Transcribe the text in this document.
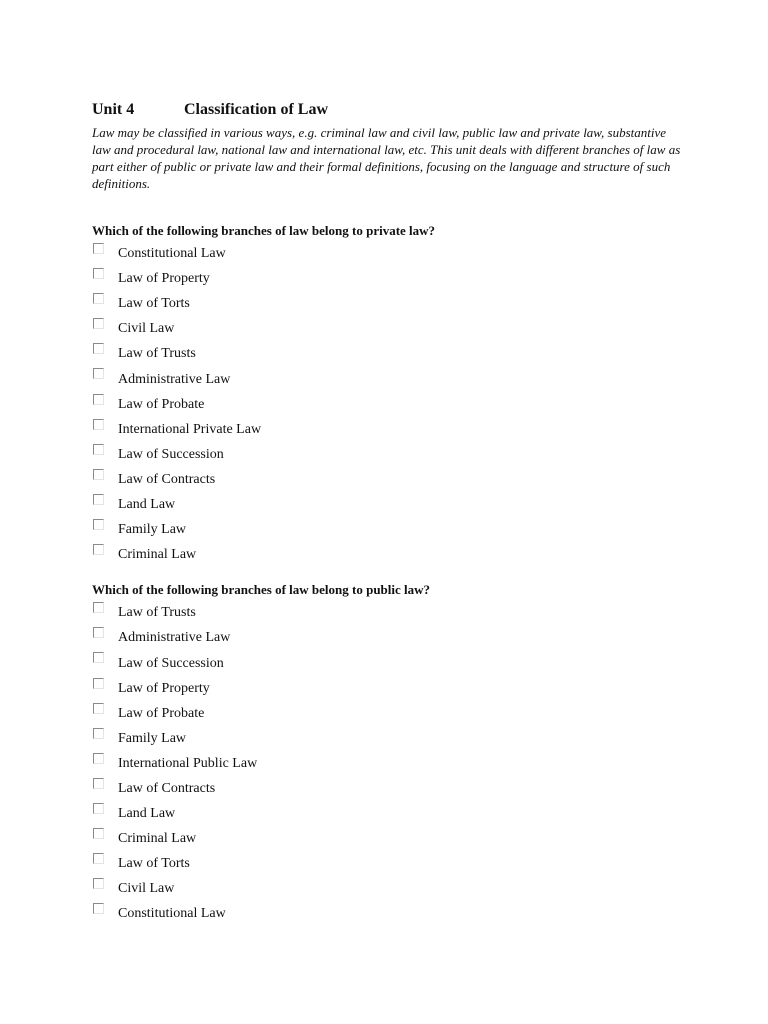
Unit 4	Classification of Law

Law may be classified in various ways, e.g. criminal law and civil law, public law and private law, substantive law and procedural law, national law and international law, etc. This unit deals with different branches of law as part either of public or private law and their formal definitions, focusing on the language and structure of such definitions.

Which of the following branches of law belong to private law?
Constitutional Law
Law of Property
Law of Torts
Civil Law
Law of Trusts
Administrative Law
Law of Probate
International Private Law
Law of Succession
Law of Contracts
Land Law
Family Law
Criminal Law
Which of the following branches of law belong to public law?
Law of Trusts
Administrative Law
Law of Succession
Law of Property
Law of Probate
Family Law
International Public Law
Law of Contracts
Land Law
Criminal Law
Law of Torts
Civil Law
Constitutional Law
